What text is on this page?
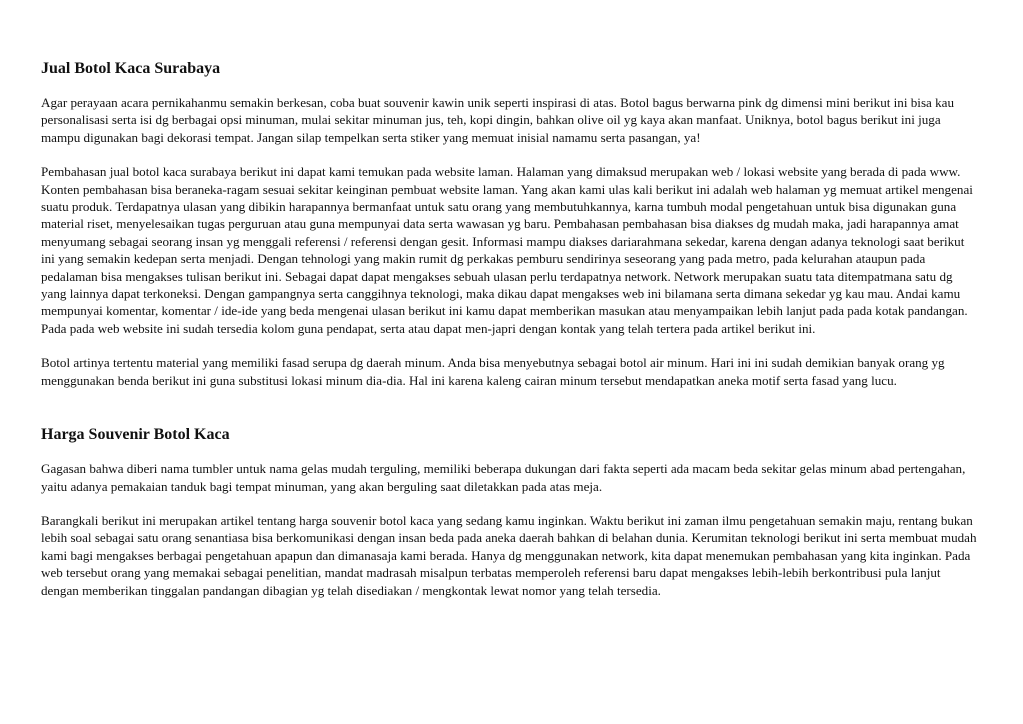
Jual Botol Kaca Surabaya

Agar perayaan acara pernikahanmu semakin berkesan, coba buat souvenir kawin unik seperti inspirasi di atas. Botol bagus berwarna pink dg dimensi mini berikut ini bisa kau personalisasi serta isi dg berbagai opsi minuman, mulai sekitar minuman jus, teh, kopi dingin, bahkan olive oil yg kaya akan manfaat. Uniknya, botol bagus berikut ini juga mampu digunakan bagi dekorasi tempat. Jangan silap tempelkan serta stiker yang memuat inisial namamu serta pasangan, ya!

Pembahasan jual botol kaca surabaya berikut ini dapat kami temukan pada website laman. Halaman yang dimaksud merupakan web / lokasi website yang berada di pada www. Konten pembahasan bisa beraneka-ragam sesuai sekitar keinginan pembuat website laman. Yang akan kami ulas kali berikut ini adalah web halaman yg memuat artikel mengenai suatu produk. Terdapatnya ulasan yang dibikin harapannya bermanfaat untuk satu orang yang membutuhkannya, karna tumbuh modal pengetahuan untuk bisa digunakan guna material riset, menyelesaikan tugas perguruan atau guna mempunyai data serta wawasan yg baru. Pembahasan pembahasan bisa diakses dg mudah maka, jadi harapannya amat menyumang sebagai seorang insan yg menggali referensi / referensi dengan gesit. Informasi mampu diakses dariarahmana sekedar, karena dengan adanya teknologi saat berikut ini yang semakin kedepan serta menjadi. Dengan tehnologi yang makin rumit dg perkakas pemburu sendirinya seseorang yang pada metro, pada kelurahan ataupun pada pedalaman bisa mengakses tulisan berikut ini. Sebagai dapat dapat mengakses sebuah ulasan perlu terdapatnya network. Network merupakan suatu tata ditempatmana satu dg yang lainnya dapat terkoneksi. Dengan gampangnya serta canggihnya teknologi, maka dikau dapat mengakses web ini bilamana serta dimana sekedar yg kau mau. Andai kamu mempunyai komentar, komentar / ide-ide yang beda mengenai ulasan berikut ini kamu dapat memberikan masukan atau menyampaikan lebih lanjut pada pada kotak pandangan. Pada pada web website ini sudah tersedia kolom guna pendapat, serta atau dapat men-japri dengan kontak yang telah tertera pada artikel berikut ini.

Botol artinya tertentu material yang memiliki fasad serupa dg daerah minum. Anda bisa menyebutnya sebagai botol air minum. Hari ini ini sudah demikian banyak orang yg menggunakan benda berikut ini guna substitusi lokasi minum dia-dia. Hal ini karena kaleng cairan minum tersebut mendapatkan aneka motif serta fasad yang lucu.

Harga Souvenir Botol Kaca

Gagasan bahwa diberi nama tumbler untuk nama gelas mudah terguling, memiliki beberapa dukungan dari fakta seperti ada macam beda sekitar gelas minum abad pertengahan, yaitu adanya pemakaian tanduk bagi tempat minuman, yang akan berguling saat diletakkan pada atas meja.

Barangkali berikut ini merupakan artikel tentang harga souvenir botol kaca yang sedang kamu inginkan. Waktu berikut ini zaman ilmu pengetahuan semakin maju, rentang bukan lebih soal sebagai satu orang senantiasa bisa berkomunikasi dengan insan beda pada aneka daerah bahkan di belahan dunia. Kerumitan teknologi berikut ini serta membuat mudah kami bagi mengakses berbagai pengetahuan apapun dan dimanasaja kami berada. Hanya dg menggunakan network, kita dapat menemukan pembahasan yang kita inginkan. Pada web tersebut orang yang memakai sebagai penelitian, mandat madrasah misalpun terbatas memperoleh referensi baru dapat mengakses lebih-lebih berkontribusi pula lanjut dengan memberikan tinggalan pandangan dibagian yg telah disediakan / mengkontak lewat nomor yang telah tersedia.
